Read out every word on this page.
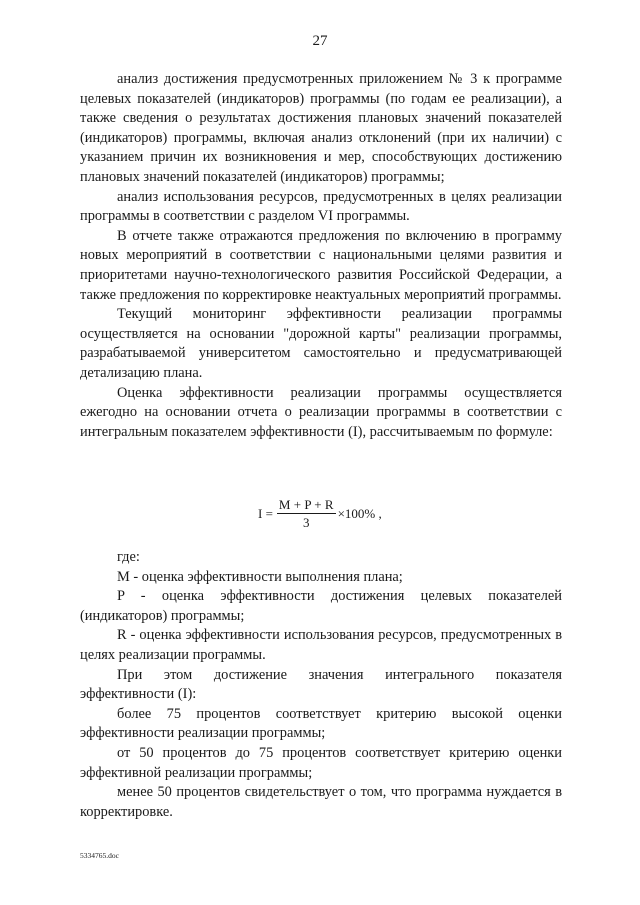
27

анализ достижения предусмотренных приложением № 3 к программе целевых показателей (индикаторов) программы (по годам ее реализации), а также сведения о результатах достижения плановых значений показателей (индикаторов) программы, включая анализ отклонений (при их наличии) с указанием причин их возникновения и мер, способствующих достижению плановых значений показателей (индикаторов) программы;

анализ использования ресурсов, предусмотренных в целях реализации программы в соответствии с разделом VI программы.

В отчете также отражаются предложения по включению в программу новых мероприятий в соответствии с национальными целями развития и приоритетами научно-технологического развития Российской Федерации, а также предложения по корректировке неактуальных мероприятий программы.

Текущий мониторинг эффективности реализации программы осуществляется на основании "дорожной карты" реализации программы, разрабатываемой университетом самостоятельно и предусматривающей детализацию плана.

Оценка эффективности реализации программы осуществляется ежегодно на основании отчета о реализации программы в соответствии с интегральным показателем эффективности (I), рассчитываемым по формуле:

$I = \frac{M + P + R}{3} \times 100\%$ ,

где:

M - оценка эффективности выполнения плана;

P - оценка эффективности достижения целевых показателей (индикаторов) программы;

R - оценка эффективности использования ресурсов, предусмотренных в целях реализации программы.

При этом достижение значения интегрального показателя эффективности (I):

более 75 процентов соответствует критерию высокой оценки эффективности реализации программы;

от 50 процентов до 75 процентов соответствует критерию оценки эффективной реализации программы;

менее 50 процентов свидетельствует о том, что программа нуждается в корректировке.

5334765.doc
